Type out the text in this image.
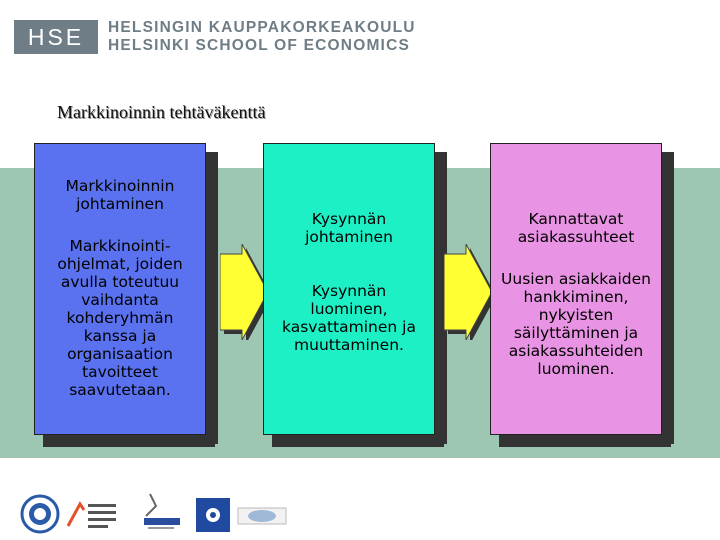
HSE	HELSINGIN KAUPPAKORKEAKOULU
HELSINKI SCHOOL OF ECONOMICS
Markkinoinnin tehtäväkenttä

Markkinoinnin johtaminen

Markkinointi-ohjelmat, joiden avulla toteutuu vaihdanta kohderyhmän kanssa ja organisaation tavoitteet saavutetaan.

Kysynnän johtaminen

Kysynnän luominen, kasvattaminen ja muuttaminen.

Kannattavat asiakassuhteet

Uusien asiakkaiden hankkiminen, nykyisten säilyttäminen ja asiakassuhteiden luominen.
